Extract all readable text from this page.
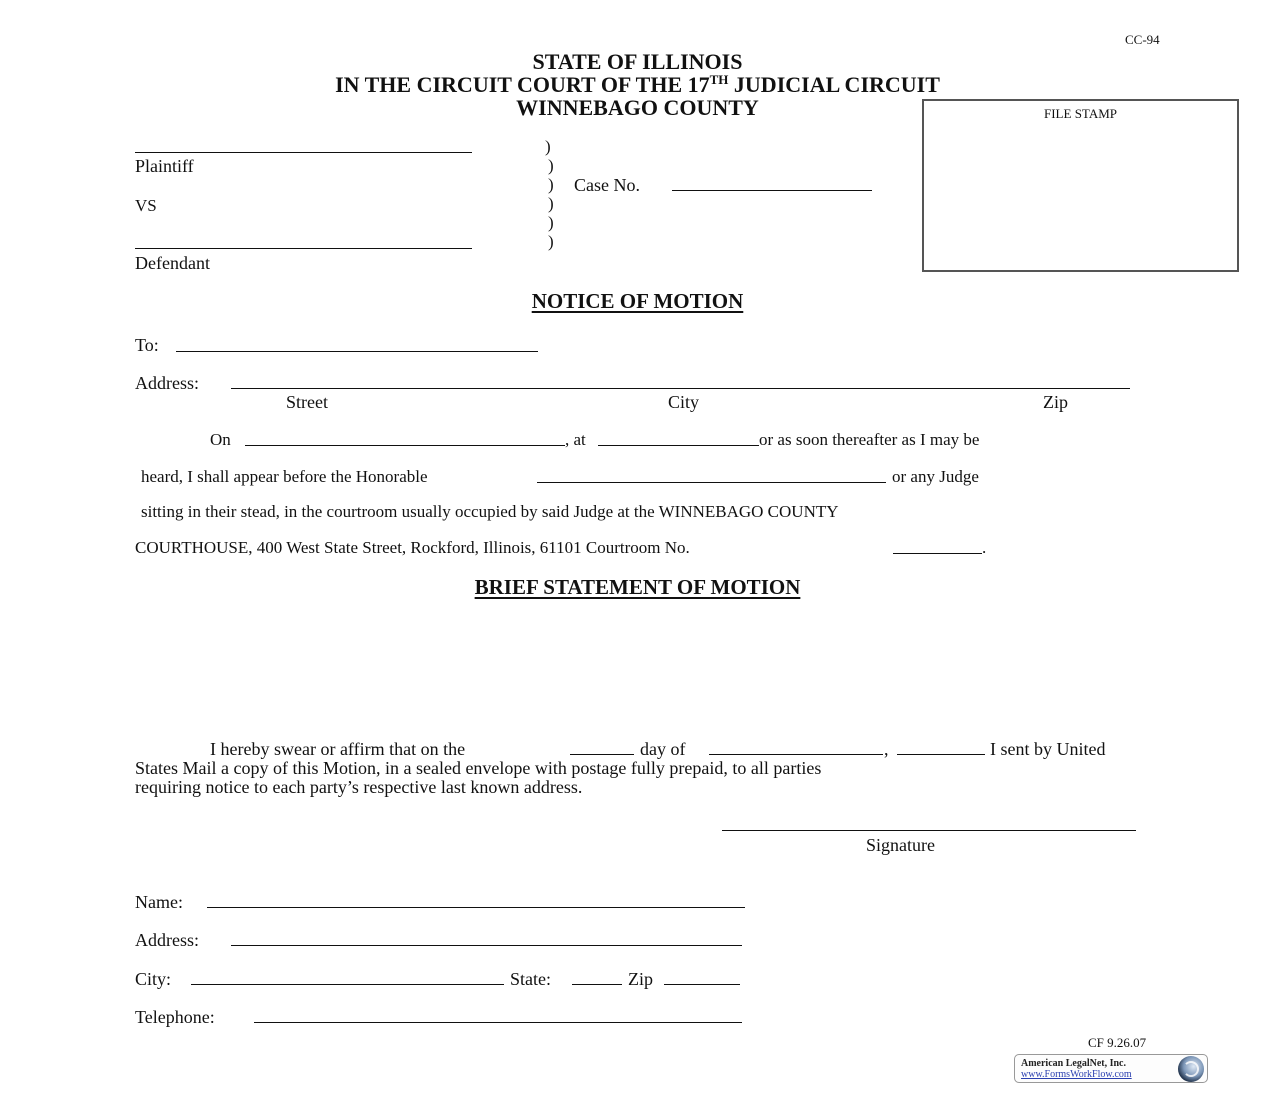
CC-94
STATE OF ILLINOIS
IN THE CIRCUIT COURT OF THE 17TH JUDICIAL CIRCUIT
WINNEBAGO COUNTY	FILE STAMP
Plaintiff
VS
Defendant
)
)
)
)
)
)
Case No.
NOTICE OF MOTION
To:
Address:
Street	City	Zip
On	, at	or as soon thereafter as I may be
heard, I shall appear before the Honorable	or any Judge
sitting in their stead, in the courtroom usually occupied by said Judge at the WINNEBAGO COUNTY
COURTHOUSE, 400 West State Street, Rockford, Illinois, 61101 Courtroom No.	.
BRIEF STATEMENT OF MOTION
I hereby swear or affirm that on the	day of	,	I sent by United
States Mail a copy of this Motion, in a sealed envelope with postage fully prepaid, to all parties
requiring notice to each party’s respective last known address.
Signature
Name:
Address:
City:	State:	Zip
Telephone:
CF 9.26.07
American LegalNet, Inc.
www.FormsWorkFlow.com
